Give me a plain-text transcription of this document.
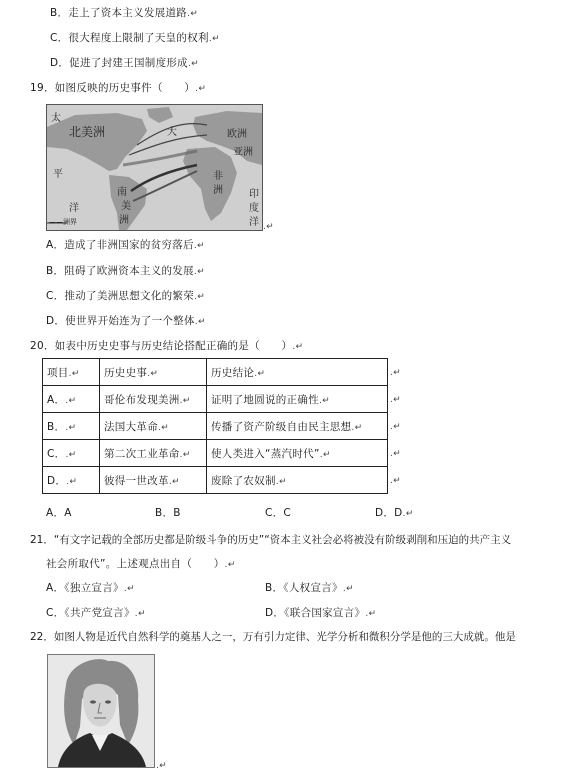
B．走上了资本主义发展道路.↵
C．很大程度上限制了天皇的权利.↵
D．促进了封建王国制度形成.↵
19．如图反映的历史事件（　　）.↵
太
北美洲
平
洋
南
美
洲
大	欧洲
亚洲
非
洲	印
度
洋
——洲界	.↵
A．造成了非洲国家的贫穷落后.↵
B．阻碍了欧洲资本主义的发展.↵
C．推动了美洲思想文化的繁荣.↵
D．使世界开始连为了一个整体.↵
20．如表中历史史事与历史结论搭配正确的是（　　）.↵
项目.↵	历史史事.↵	历史结论.↵
A．.↵	哥伦布发现美洲.↵	证明了地圆说的正确性.↵
B．.↵	法国大革命.↵	传播了资产阶级自由民主思想.↵
C．.↵	第二次工业革命.↵	使人类进入“蒸汽时代”.↵
D．.↵	彼得一世改革.↵	废除了农奴制.↵
.↵
.↵
.↵
.↵
.↵
A．A	B．B	C．C	D．D.↵
21．“有文字记载的全部历史都是阶级斗争的历史”“资本主义社会必将被没有阶级剥削和压迫的共产主义
社会所取代”。上述观点出自（　　）.↵
A．《独立宣言》.↵	B．《人权宣言》.↵
C．《共产党宣言》.↵	D．《联合国家宣言》.↵
22．如图人物是近代自然科学的奠基人之一，万有引力定律、光学分析和微积分学是他的三大成就。他是
.↵
